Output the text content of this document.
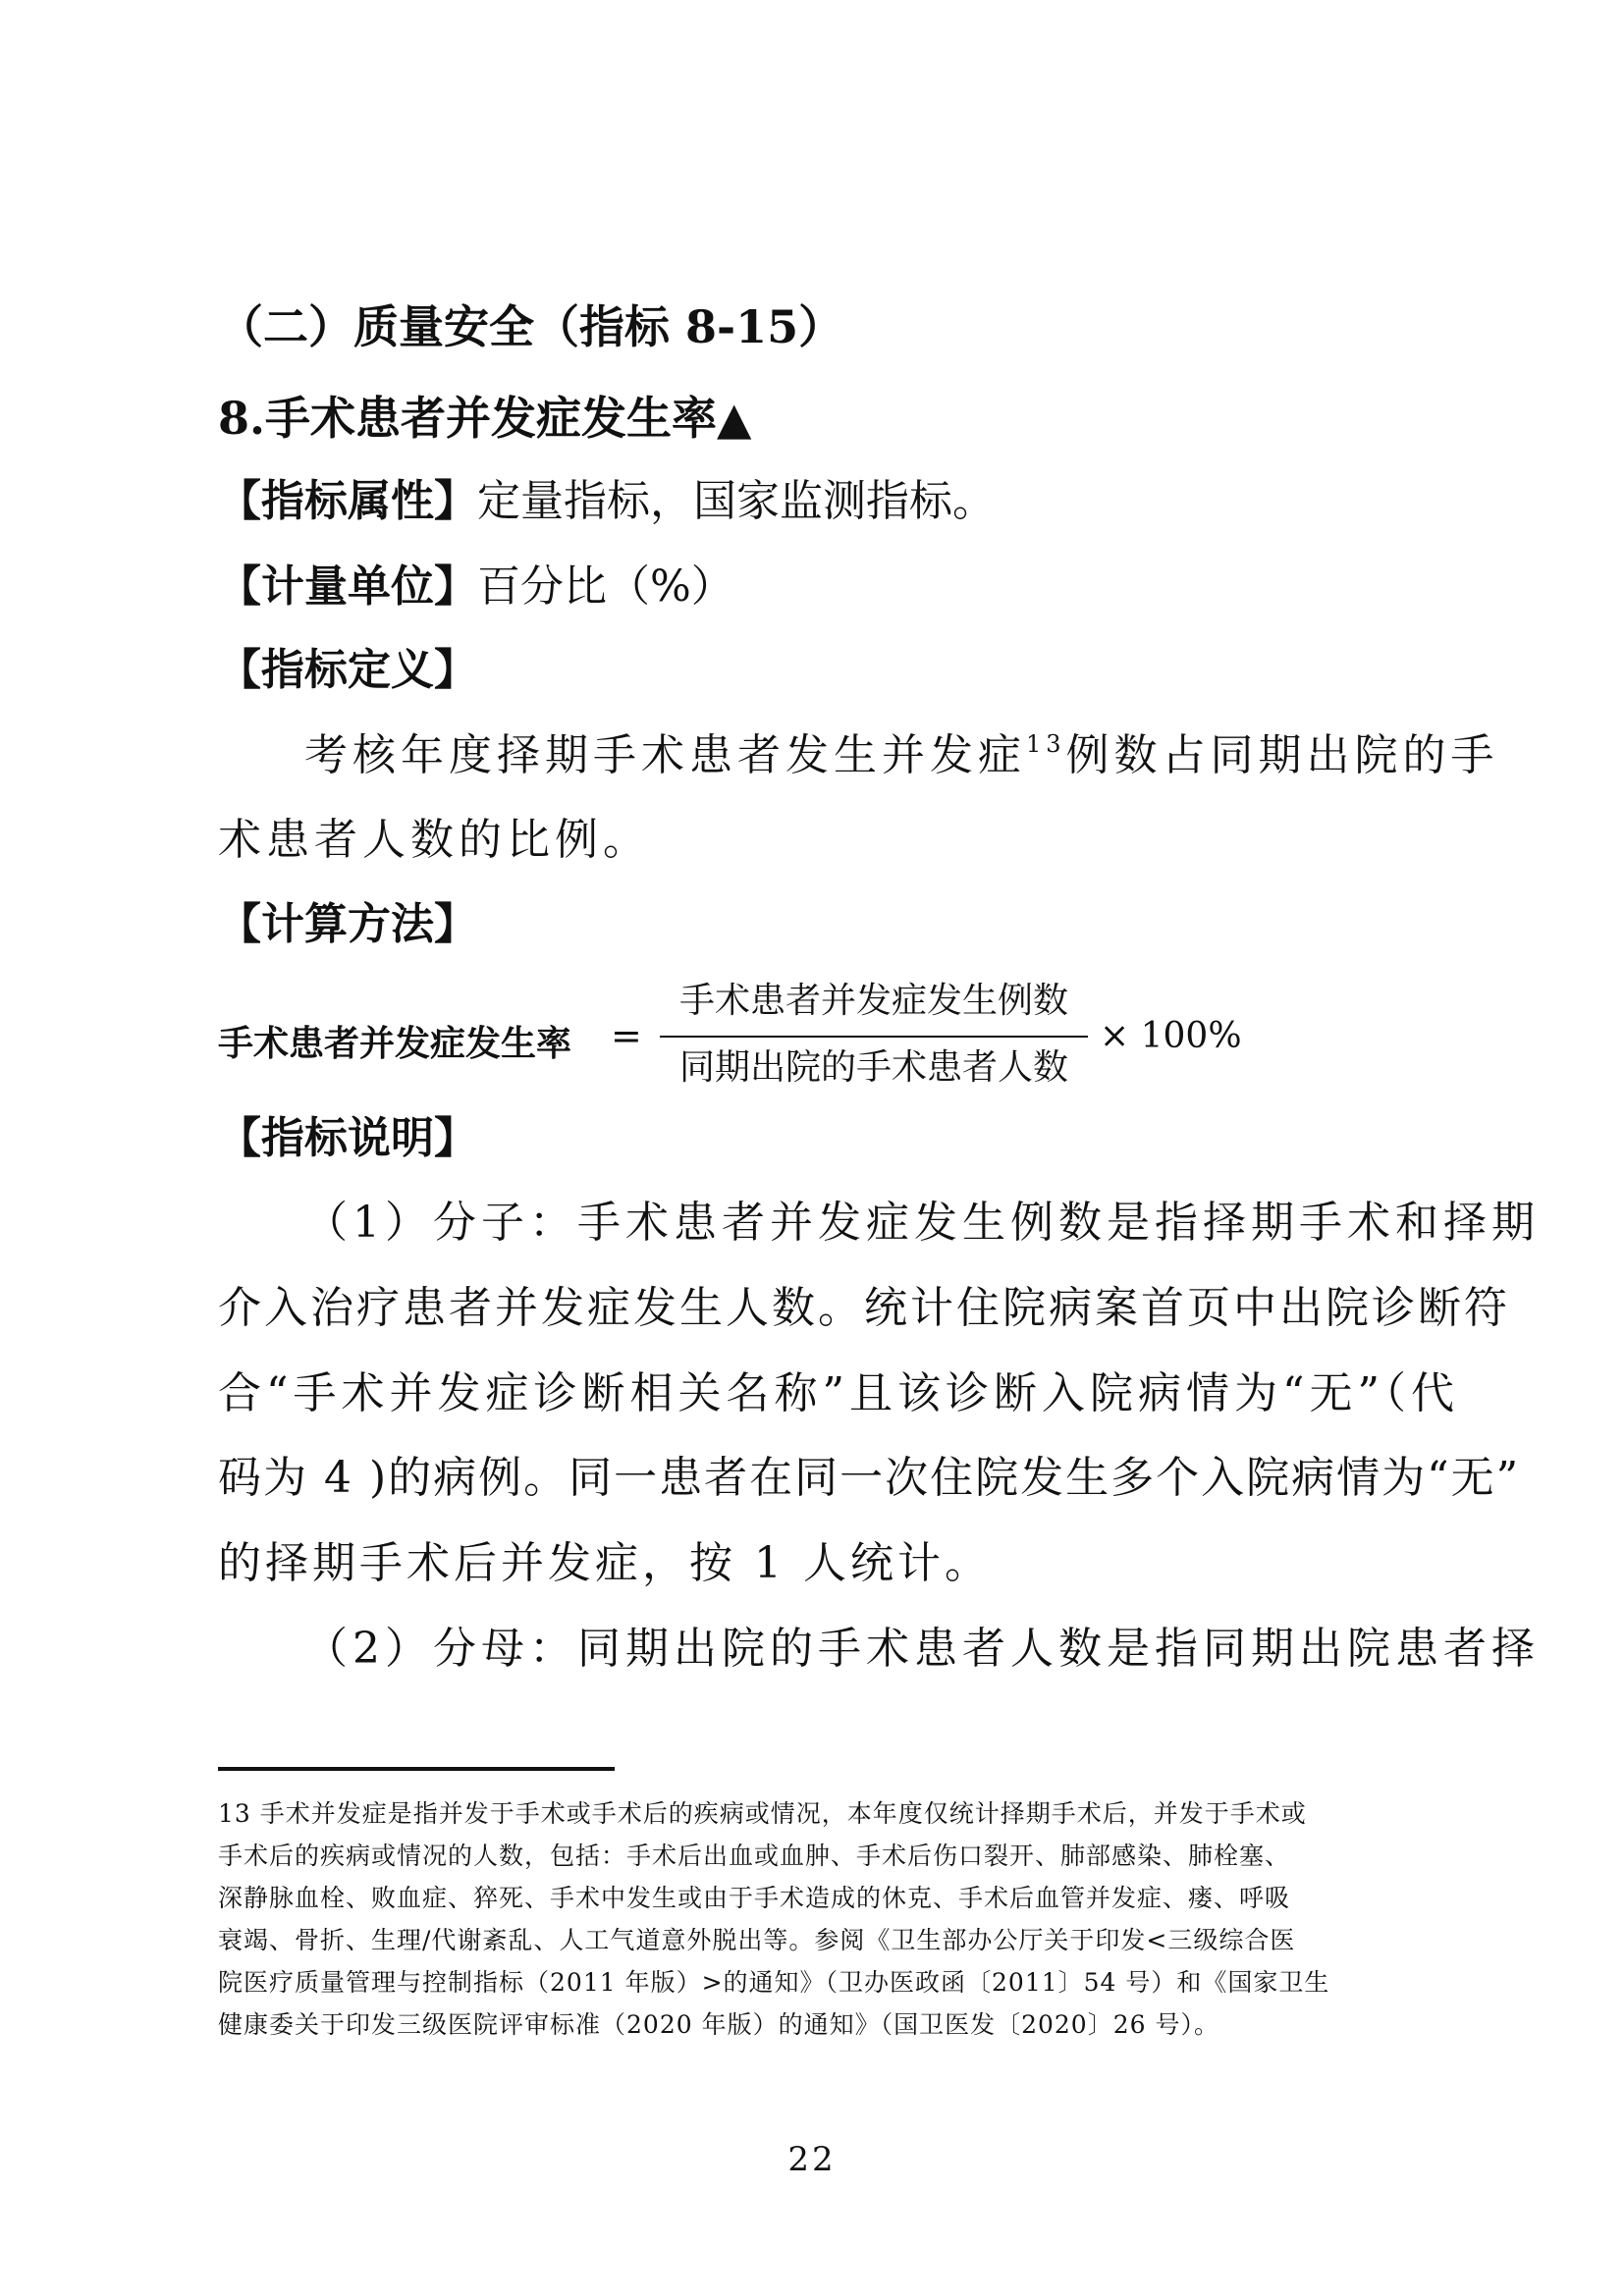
（二）质量安全（指标 8-15）
8.手术患者并发症发生率▲
【指标属性】定量指标，国家监测指标。
【计量单位】百分比（%）
【指标定义】
考核年度择期手术患者发生并发症$^{13}$例数占同期出院的手
术患者人数的比例。
【计算方法】
手术患者并发症发生率 =
手术患者并发症发生例数
同期出院的手术患者人数
× 100%
【指标说明】
（1）分子：手术患者并发症发生例数是指择期手术和择期
介入治疗患者并发症发生人数。统计住院病案首页中出院诊断符
合“手术并发症诊断相关名称”且该诊断入院病情为“无”（代
码为 4 )的病例。同一患者在同一次住院发生多个入院病情为“无”
的择期手术后并发症，按 1 人统计。
（2）分母：同期出院的手术患者人数是指同期出院患者择
13 手术并发症是指并发于手术或手术后的疾病或情况，本年度仅统计择期手术后，并发于手术或
手术后的疾病或情况的人数，包括：手术后出血或血肿、手术后伤口裂开、肺部感染、肺栓塞、
深静脉血栓、败血症、猝死、手术中发生或由于手术造成的休克、手术后血管并发症、瘘、呼吸
衰竭、骨折、生理/代谢紊乱、人工气道意外脱出等。参阅《卫生部办公厅关于印发<三级综合医
院医疗质量管理与控制指标（2011 年版）>的通知》（卫办医政函〔2011〕54 号）和《国家卫生
健康委关于印发三级医院评审标准（2020 年版）的通知》（国卫医发〔2020〕26 号）。
22
